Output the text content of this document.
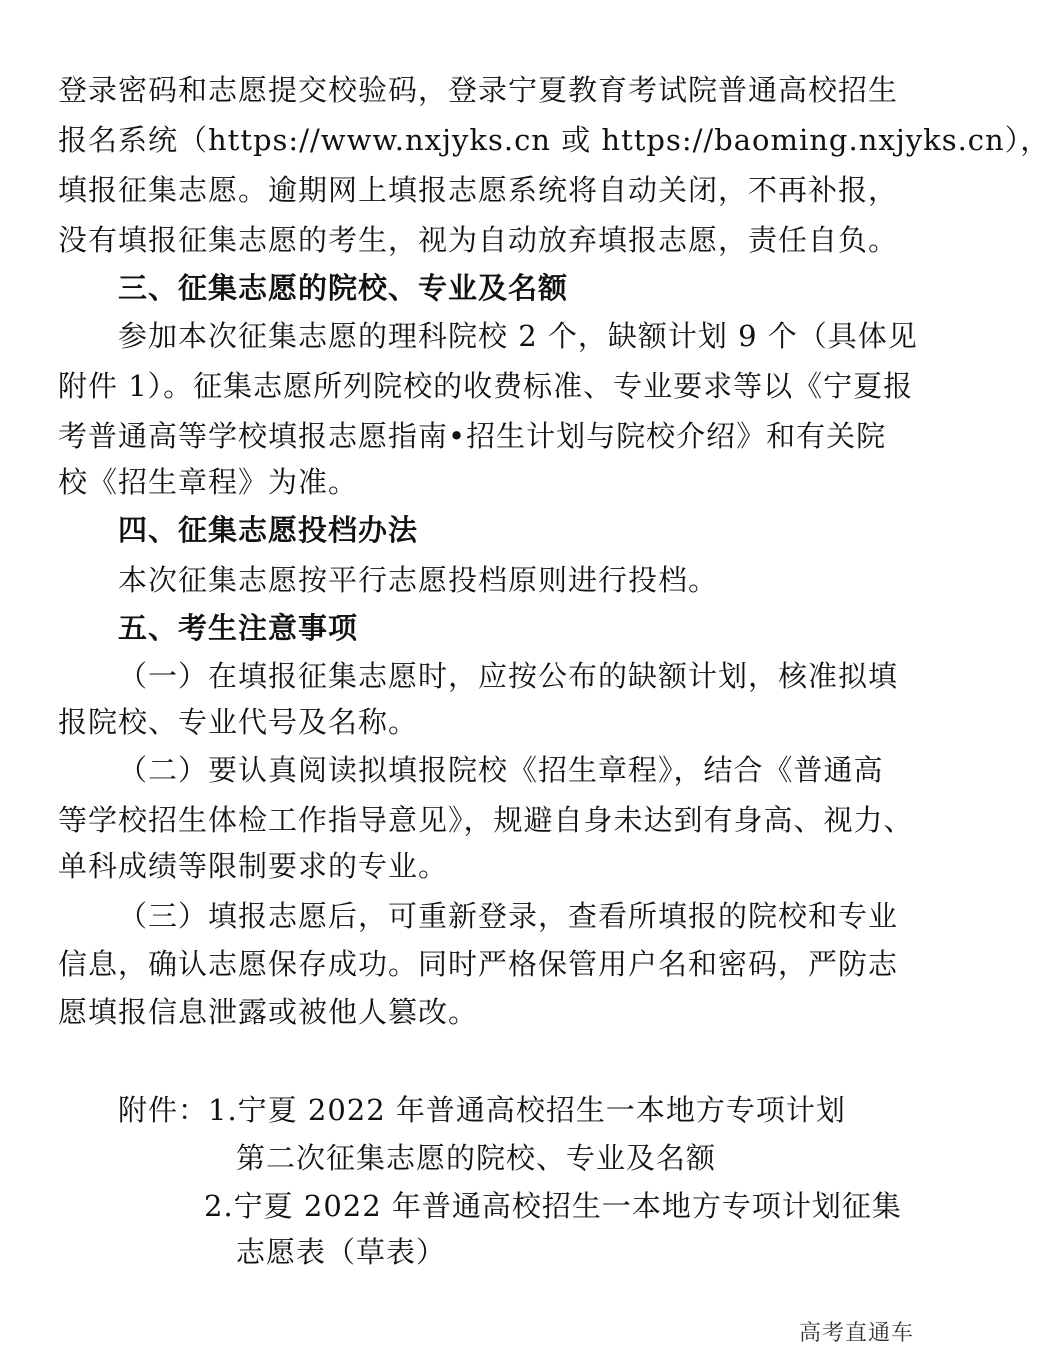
登录密码和志愿提交校验码，登录宁夏教育考试院普通高校招生
报名系统（https://www.nxjyks.cn 或 https://baoming.nxjyks.cn），
填报征集志愿。逾期网上填报志愿系统将自动关闭，不再补报，
没有填报征集志愿的考生，视为自动放弃填报志愿，责任自负。
三、征集志愿的院校、专业及名额
参加本次征集志愿的理科院校 2 个，缺额计划 9 个（具体见
附件 1）。征集志愿所列院校的收费标准、专业要求等以《宁夏报
考普通高等学校填报志愿指南•招生计划与院校介绍》和有关院
校《招生章程》为准。
四、征集志愿投档办法
本次征集志愿按平行志愿投档原则进行投档。
五、考生注意事项
（一）在填报征集志愿时，应按公布的缺额计划，核准拟填
报院校、专业代号及名称。
（二）要认真阅读拟填报院校《招生章程》，结合《普通高
等学校招生体检工作指导意见》，规避自身未达到有身高、视力、
单科成绩等限制要求的专业。
（三）填报志愿后，可重新登录，查看所填报的院校和专业
信息，确认志愿保存成功。同时严格保管用户名和密码，严防志
愿填报信息泄露或被他人篡改。
附件：1.宁夏 2022 年普通高校招生一本地方专项计划
第二次征集志愿的院校、专业及名额
2.宁夏 2022 年普通高校招生一本地方专项计划征集
志愿表（草表）
高考直通车
